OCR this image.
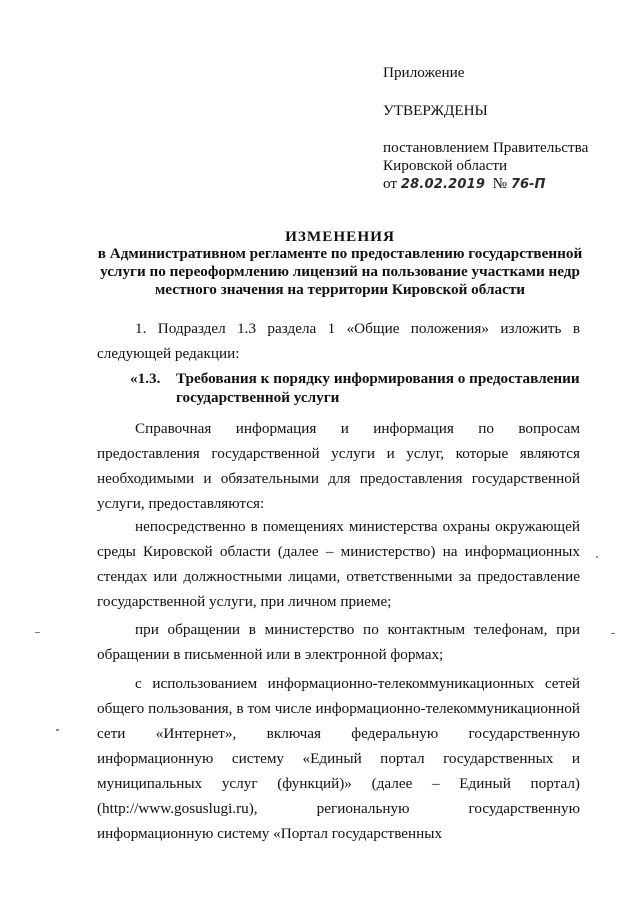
Приложение
УТВЕРЖДЕНЫ
постановлением Правительства
Кировской области
от 28.02.2019 № 76-П
ИЗМЕНЕНИЯ
в Административном регламенте по предоставлению государственной услуги по переоформлению лицензий на пользование участками недр местного значения на территории Кировской области
1. Подраздел 1.3 раздела 1 «Общие положения» изложить в следующей редакции:
«1.3. Требования к порядку информирования о предоставлении
государственной услуги
Справочная информация и информация по вопросам предоставления государственной услуги и услуг, которые являются необходимыми и обязательными для предоставления государственной услуги, предоставляются:
непосредственно в помещениях министерства охраны окружающей среды Кировской области (далее – министерство) на информационных стендах или должностными лицами, ответственными за предоставление государственной услуги, при личном приеме;
при обращении в министерство по контактным телефонам, при обращении в письменной или в электронной формах;
с использованием информационно-телекоммуникационных сетей общего пользования, в том числе информационно-телекоммуникационной сети «Интернет», включая федеральную государственную информационную систему «Единый портал государственных и муниципальных услуг (функций)» (далее – Единый портал) (http://www.gosuslugi.ru), региональную государственную информационную систему «Портал государственных
